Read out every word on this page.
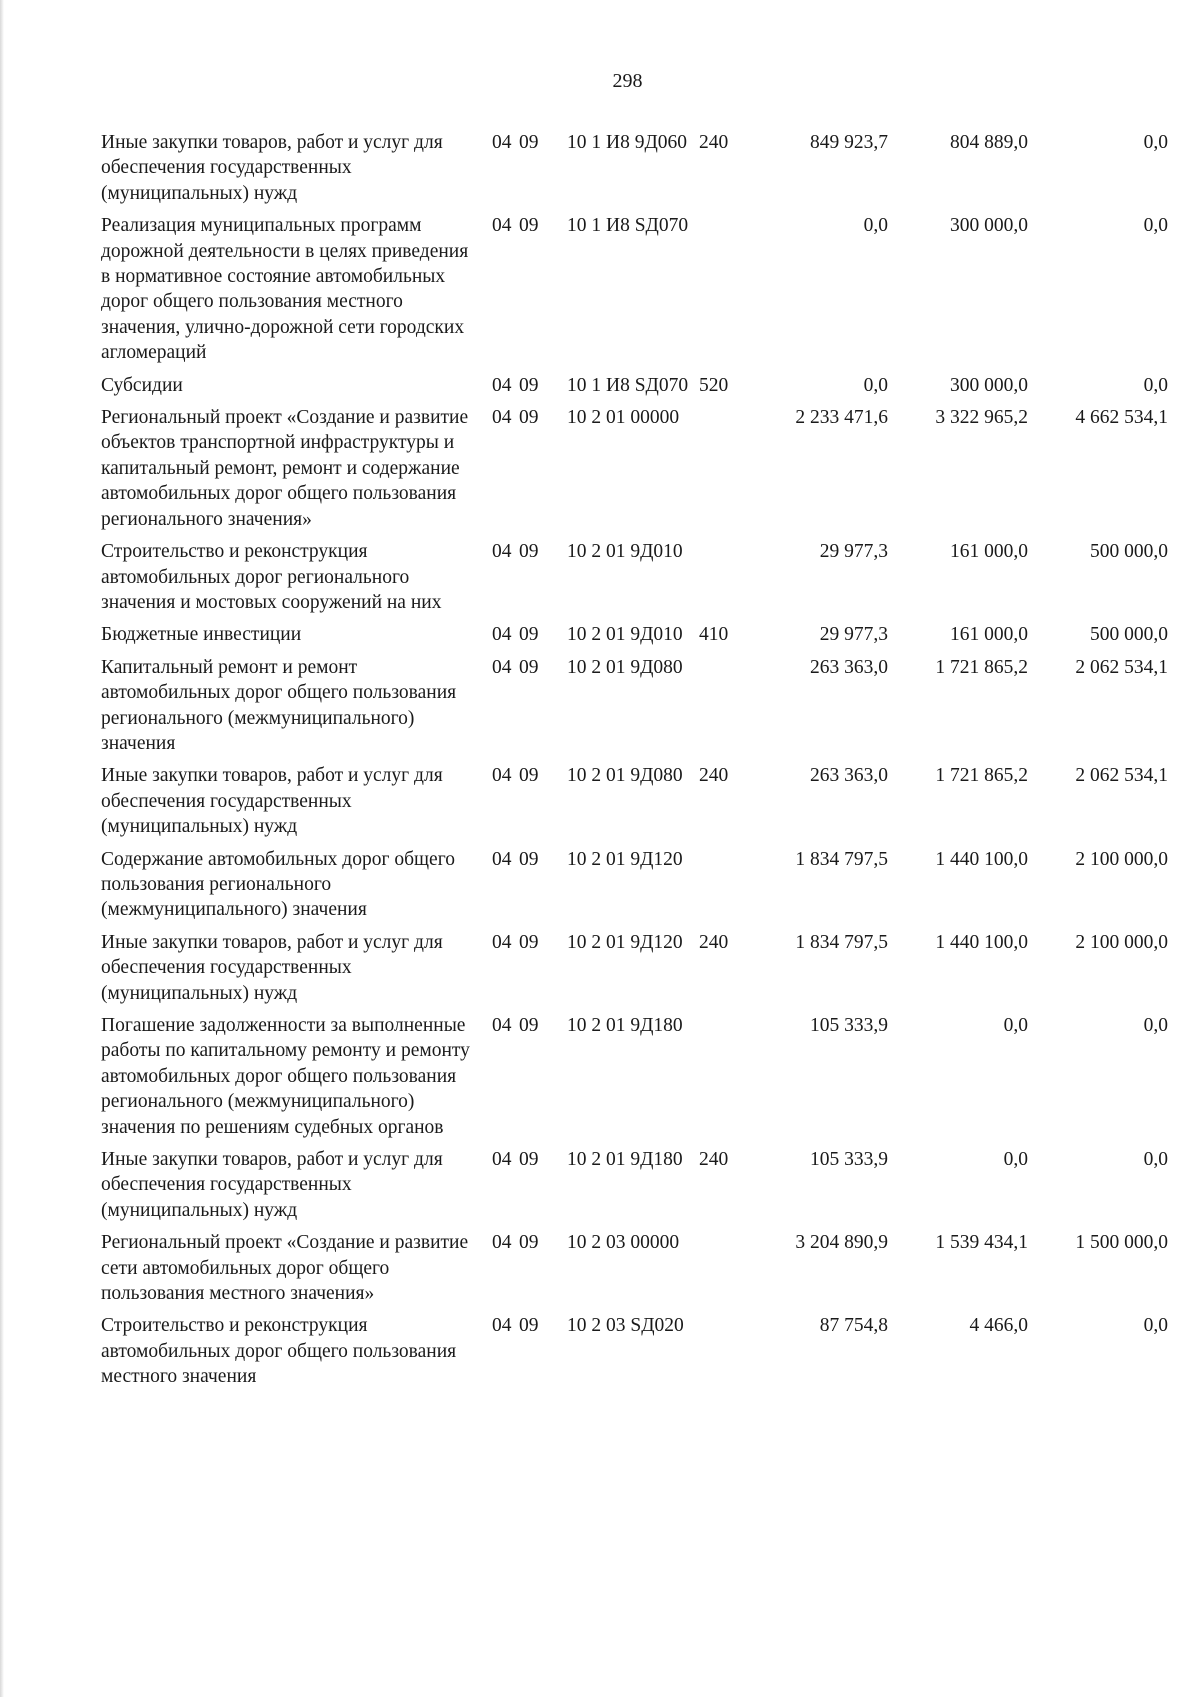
298
Иные закупки товаров, работ и услуг для обеспечения государственных (муниципальных) нужд	04	09	10 1 И8 9Д060	240	849 923,7	804 889,0	0,0
Реализация муниципальных программ дорожной деятельности в целях приведения в нормативное состояние автомобильных дорог общего пользования местного значения, улично-дорожной сети городских агломераций	04	09	10 1 И8 SД070		0,0	300 000,0	0,0
Субсидии	04	09	10 1 И8 SД070	520	0,0	300 000,0	0,0
Региональный проект «Создание и развитие объектов транспортной инфраструктуры и капитальный ремонт, ремонт и содержание автомобильных дорог общего пользования регионального значения»	04	09	10 2 01 00000		2 233 471,6	3 322 965,2	4 662 534,1
Строительство и реконструкция автомобильных дорог регионального значения и мостовых сооружений на них	04	09	10 2 01 9Д010		29 977,3	161 000,0	500 000,0
Бюджетные инвестиции	04	09	10 2 01 9Д010	410	29 977,3	161 000,0	500 000,0
Капитальный ремонт и ремонт автомобильных дорог общего пользования регионального (межмуниципального) значения	04	09	10 2 01 9Д080		263 363,0	1 721 865,2	2 062 534,1
Иные закупки товаров, работ и услуг для обеспечения государственных (муниципальных) нужд	04	09	10 2 01 9Д080	240	263 363,0	1 721 865,2	2 062 534,1
Содержание автомобильных дорог общего пользования регионального (межмуниципального) значения	04	09	10 2 01 9Д120		1 834 797,5	1 440 100,0	2 100 000,0
Иные закупки товаров, работ и услуг для обеспечения государственных (муниципальных) нужд	04	09	10 2 01 9Д120	240	1 834 797,5	1 440 100,0	2 100 000,0
Погашение задолженности за выполненные работы по капитальному ремонту и ремонту автомобильных дорог общего пользования регионального (межмуниципального) значения по решениям судебных органов	04	09	10 2 01 9Д180		105 333,9	0,0	0,0
Иные закупки товаров, работ и услуг для обеспечения государственных (муниципальных) нужд	04	09	10 2 01 9Д180	240	105 333,9	0,0	0,0
Региональный проект «Создание и развитие сети автомобильных дорог общего пользования местного значения»	04	09	10 2 03 00000		3 204 890,9	1 539 434,1	1 500 000,0
Строительство и реконструкция автомобильных дорог общего пользования местного значения	04	09	10 2 03 SД020		87 754,8	4 466,0	0,0
